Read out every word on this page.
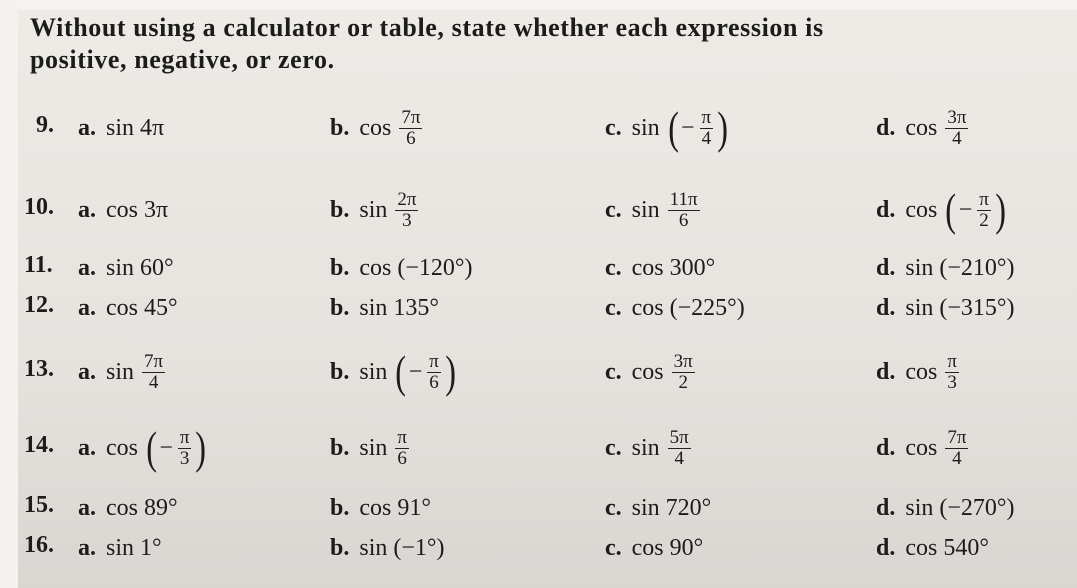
Without using a calculator or table, state whether each expression is
positive, negative, or zero.
9. a. sin 4π	b. $\cos \frac{7\pi}{6}$	c. sin ( − $\frac{\pi}{4}$ )	d. $\cos \frac{3\pi}{4}$
10. a. cos 3π	b. $\sin \frac{2\pi}{3}$	c. $\sin \frac{11\pi}{6}$	d. cos ( − $\frac{\pi}{2}$ )
11. a. sin 60°	b. cos (−120°)	c. cos 300°	d. sin (−210°)
12. a. cos 45°	b. sin 135°	c. cos (−225°)	d. sin (−315°)
13. a. $\sin \frac{7\pi}{4}$	b. sin ( − $\frac{\pi}{6}$ )	c. $\cos \frac{3\pi}{2}$	d. $\cos \frac{\pi}{3}$
14. a. cos ( − $\frac{\pi}{3}$ )	b. $\sin \frac{\pi}{6}$	c. $\sin \frac{5\pi}{4}$	d. $\cos \frac{7\pi}{4}$
15. a. cos 89°	b. cos 91°	c. sin 720°	d. sin (−270°)
16. a. sin 1°	b. sin (−1°)	c. cos 90°	d. cos 540°
